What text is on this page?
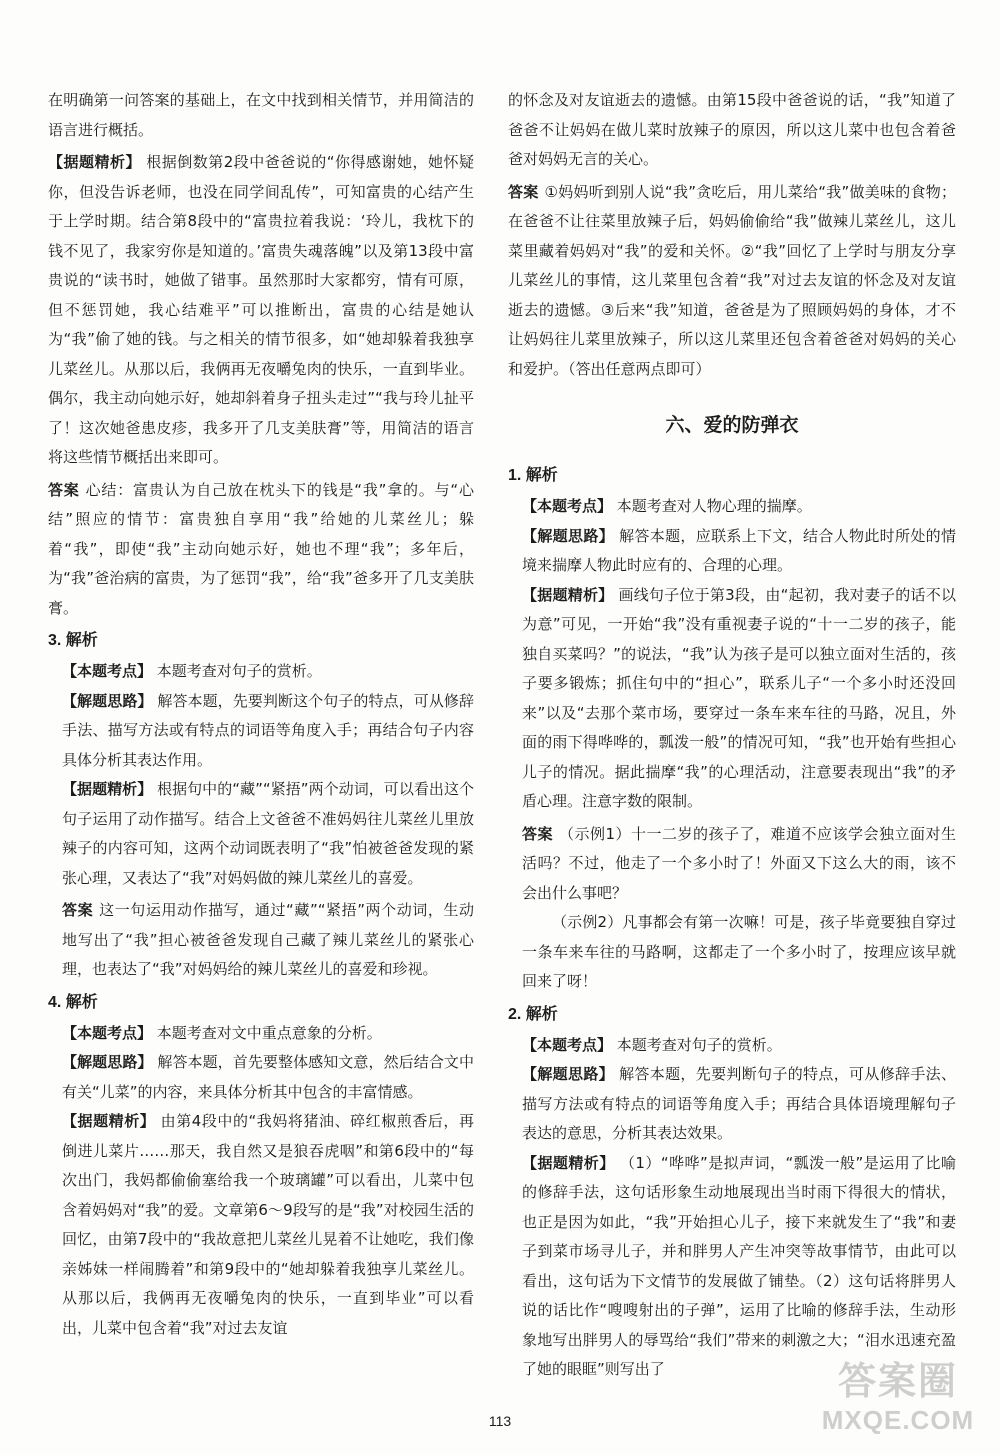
在明确第一问答案的基础上，在文中找到相关情节，并用简洁的语言进行概括。

【据题精析】 根据倒数第2段中爸爸说的“你得感谢她，她怀疑你，但没告诉老师，也没在同学间乱传”，可知富贵的心结产生于上学时期。结合第8段中的“富贵拉着我说：‘玲儿，我枕下的钱不见了，我家穷你是知道的。’富贵失魂落魄”以及第13段中富贵说的“读书时，她做了错事。虽然那时大家都穷，情有可原，但不惩罚她，我心结难平”可以推断出，富贵的心结是她认为“我”偷了她的钱。与之相关的情节很多，如“她却躲着我独享儿菜丝儿。从那以后，我俩再无夜嚼兔肉的快乐，一直到毕业。偶尔，我主动向她示好，她却斜着身子扭头走过”“我与玲儿扯平了！这次她爸患皮疹，我多开了几支美肤膏”等，用简洁的语言将这些情节概括出来即可。

答案 心结：富贵认为自己放在枕头下的钱是“我”拿的。与“心结”照应的情节：富贵独自享用“我”给她的儿菜丝儿；躲着“我”，即使“我”主动向她示好，她也不理“我”；多年后，为“我”爸治病的富贵，为了惩罚“我”，给“我”爸多开了几支美肤膏。

3. 解析

【本题考点】 本题考查对句子的赏析。

【解题思路】 解答本题，先要判断这个句子的特点，可从修辞手法、描写方法或有特点的词语等角度入手；再结合句子内容具体分析其表达作用。

【据题精析】 根据句中的“藏”“紧捂”两个动词，可以看出这个句子运用了动作描写。结合上文爸爸不准妈妈往儿菜丝儿里放辣子的内容可知，这两个动词既表明了“我”怕被爸爸发现的紧张心理，又表达了“我”对妈妈做的辣儿菜丝儿的喜爱。

答案 这一句运用动作描写，通过“藏”“紧捂”两个动词，生动地写出了“我”担心被爸爸发现自己藏了辣儿菜丝儿的紧张心理，也表达了“我”对妈妈给的辣儿菜丝儿的喜爱和珍视。

4. 解析

【本题考点】 本题考查对文中重点意象的分析。

【解题思路】 解答本题，首先要整体感知文意，然后结合文中有关“儿菜”的内容，来具体分析其中包含的丰富情感。

【据题精析】 由第4段中的“我妈将猪油、碎红椒煎香后，再倒进儿菜片……那天，我自然又是狼吞虎咽”和第6段中的“每次出门，我妈都偷偷塞给我一个玻璃罐”可以看出，儿菜中包含着妈妈对“我”的爱。文章第6～9段写的是“我”对校园生活的回忆，由第7段中的“我故意把儿菜丝儿晃着不让她吃，我们像亲姊妹一样闹腾着”和第9段中的“她却躲着我独享儿菜丝儿。从那以后，我俩再无夜嚼兔肉的快乐，一直到毕业”可以看出，儿菜中包含着“我”对过去友谊

的怀念及对友谊逝去的遗憾。由第15段中爸爸说的话，“我”知道了爸爸不让妈妈在做儿菜时放辣子的原因，所以这儿菜中也包含着爸爸对妈妈无言的关心。

答案 ①妈妈听到别人说“我”贪吃后，用儿菜给“我”做美味的食物；在爸爸不让往菜里放辣子后，妈妈偷偷给“我”做辣儿菜丝儿，这儿菜里藏着妈妈对“我”的爱和关怀。②“我”回忆了上学时与朋友分享儿菜丝儿的事情，这儿菜里包含着“我”对过去友谊的怀念及对友谊逝去的遗憾。③后来“我”知道，爸爸是为了照顾妈妈的身体，才不让妈妈往儿菜里放辣子，所以这儿菜里还包含着爸爸对妈妈的关心和爱护。（答出任意两点即可）

六、爱的防弹衣
1. 解析

【本题考点】 本题考查对人物心理的揣摩。

【解题思路】 解答本题，应联系上下文，结合人物此时所处的情境来揣摩人物此时应有的、合理的心理。

【据题精析】 画线句子位于第3段，由“起初，我对妻子的话不以为意”可见，一开始“我”没有重视妻子说的“十一二岁的孩子，能独自买菜吗？”的说法，“我”认为孩子是可以独立面对生活的，孩子要多锻炼；抓住句中的“担心”，联系儿子“一个多小时还没回来”以及“去那个菜市场，要穿过一条车来车往的马路，况且，外面的雨下得哗哗的，瓢泼一般”的情况可知，“我”也开始有些担心儿子的情况。据此揣摩“我”的心理活动，注意要表现出“我”的矛盾心理。注意字数的限制。

答案 （示例1）十一二岁的孩子了，难道不应该学会独立面对生活吗？不过，他走了一个多小时了！外面又下这么大的雨，该不会出什么事吧？

（示例2）凡事都会有第一次嘛！可是，孩子毕竟要独自穿过一条车来车往的马路啊，这都走了一个多小时了，按理应该早就回来了呀！

2. 解析

【本题考点】 本题考查对句子的赏析。

【解题思路】 解答本题，先要判断句子的特点，可从修辞手法、描写方法或有特点的词语等角度入手；再结合具体语境理解句子表达的意思，分析其表达效果。

【据题精析】 （1）“哗哗”是拟声词，“瓢泼一般”是运用了比喻的修辞手法，这句话形象生动地展现出当时雨下得很大的情状，也正是因为如此，“我”开始担心儿子，接下来就发生了“我”和妻子到菜市场寻儿子，并和胖男人产生冲突等故事情节，由此可以看出，这句话为下文情节的发展做了铺垫。（2）这句话将胖男人说的话比作“嗖嗖射出的子弹”，运用了比喻的修辞手法，生动形象地写出胖男人的辱骂给“我们”带来的刺激之大；“泪水迅速充盈了她的眼眶”则写出了

113
答案圈
MXQE.COM
